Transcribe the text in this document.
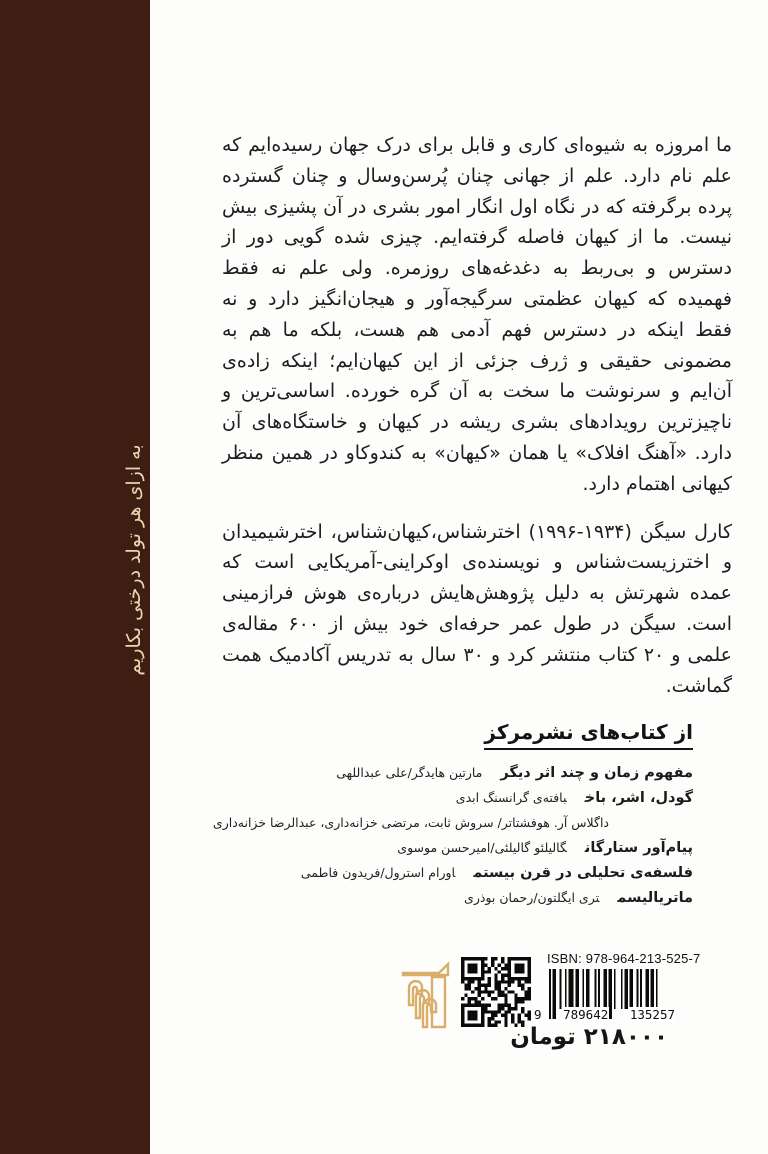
به ازای هر تولد درختی بکاریم

ما امروزه به شیوه‌ای کاری و قابل برای درک جهان رسیده‌ایم که علم نام دارد. علم از جهانی چنان پُرسن‌وسال و چنان گسترده پرده برگرفته که در نگاه اول انگار امور بشری در آن پشیزی بیش نیست. ما از کیهان فاصله گرفته‌ایم. چیزی شده گویی دور از دسترس و بی‌ربط به دغدغه‌های روزمره. ولی علم نه فقط فهمیده که کیهان عظمتی سرگیجه‌آور و هیجان‌انگیز دارد و نه فقط اینکه در دسترس فهم آدمی هم هست، بلکه ما هم به مضمونی حقیقی و ژرف جزئی از این کیهان‌ایم؛ اینکه زاده‌ی آن‌ایم و سرنوشت ما سخت به آن گره خورده. اساسی‌ترین و ناچیزترین رویدادهای بشری ریشه در کیهان و خاستگاه‌های آن دارد. «آهنگ افلاک» یا همان «کیهان» به کندوکاو در همین منظر کیهانی اهتمام دارد.

کارل سیگن (۱۹۳۴-۱۹۹۶) اخترشناس،کیهان‌شناس، اخترشیمیدان و اخترزیست‌شناس و نویسنده‌ی اوکراینی-آمریکایی است که عمده شهرتش به دلیل پژوهش‌هایش درباره‌ی هوش فرازمینی است. سیگن در طول عمر حرفه‌ای خود بیش از ۶۰۰ مقاله‌ی علمی و ۲۰ کتاب منتشر کرد و ۳۰ سال به تدریس آکادمیک همت گماشت.

از کتاب‌های نشرمرکز
مفهوم زمان و چند اثر دیگرمارتین هایدگر/علی عبداللهی
گودل، اشر، باخبافته‌ی گرانسنگ ابدی
داگلاس آر. هوفشتاتر/ سروش ثابت، مرتضی خزانه‌داری، عبدالرضا خزانه‌داری
پیام‌آور ستارگانگالیلئو گالیلئی/امیرحسن موسوی
فلسفه‌ی تحلیلی در قرن بیستماورام استرول/فریدون فاطمی
ماتریالیسمتری ایگلتون/رحمان بوذری
ISBN: 978-964-213-525-7
9 789642 135257
۲۱۸۰۰۰ تومان
